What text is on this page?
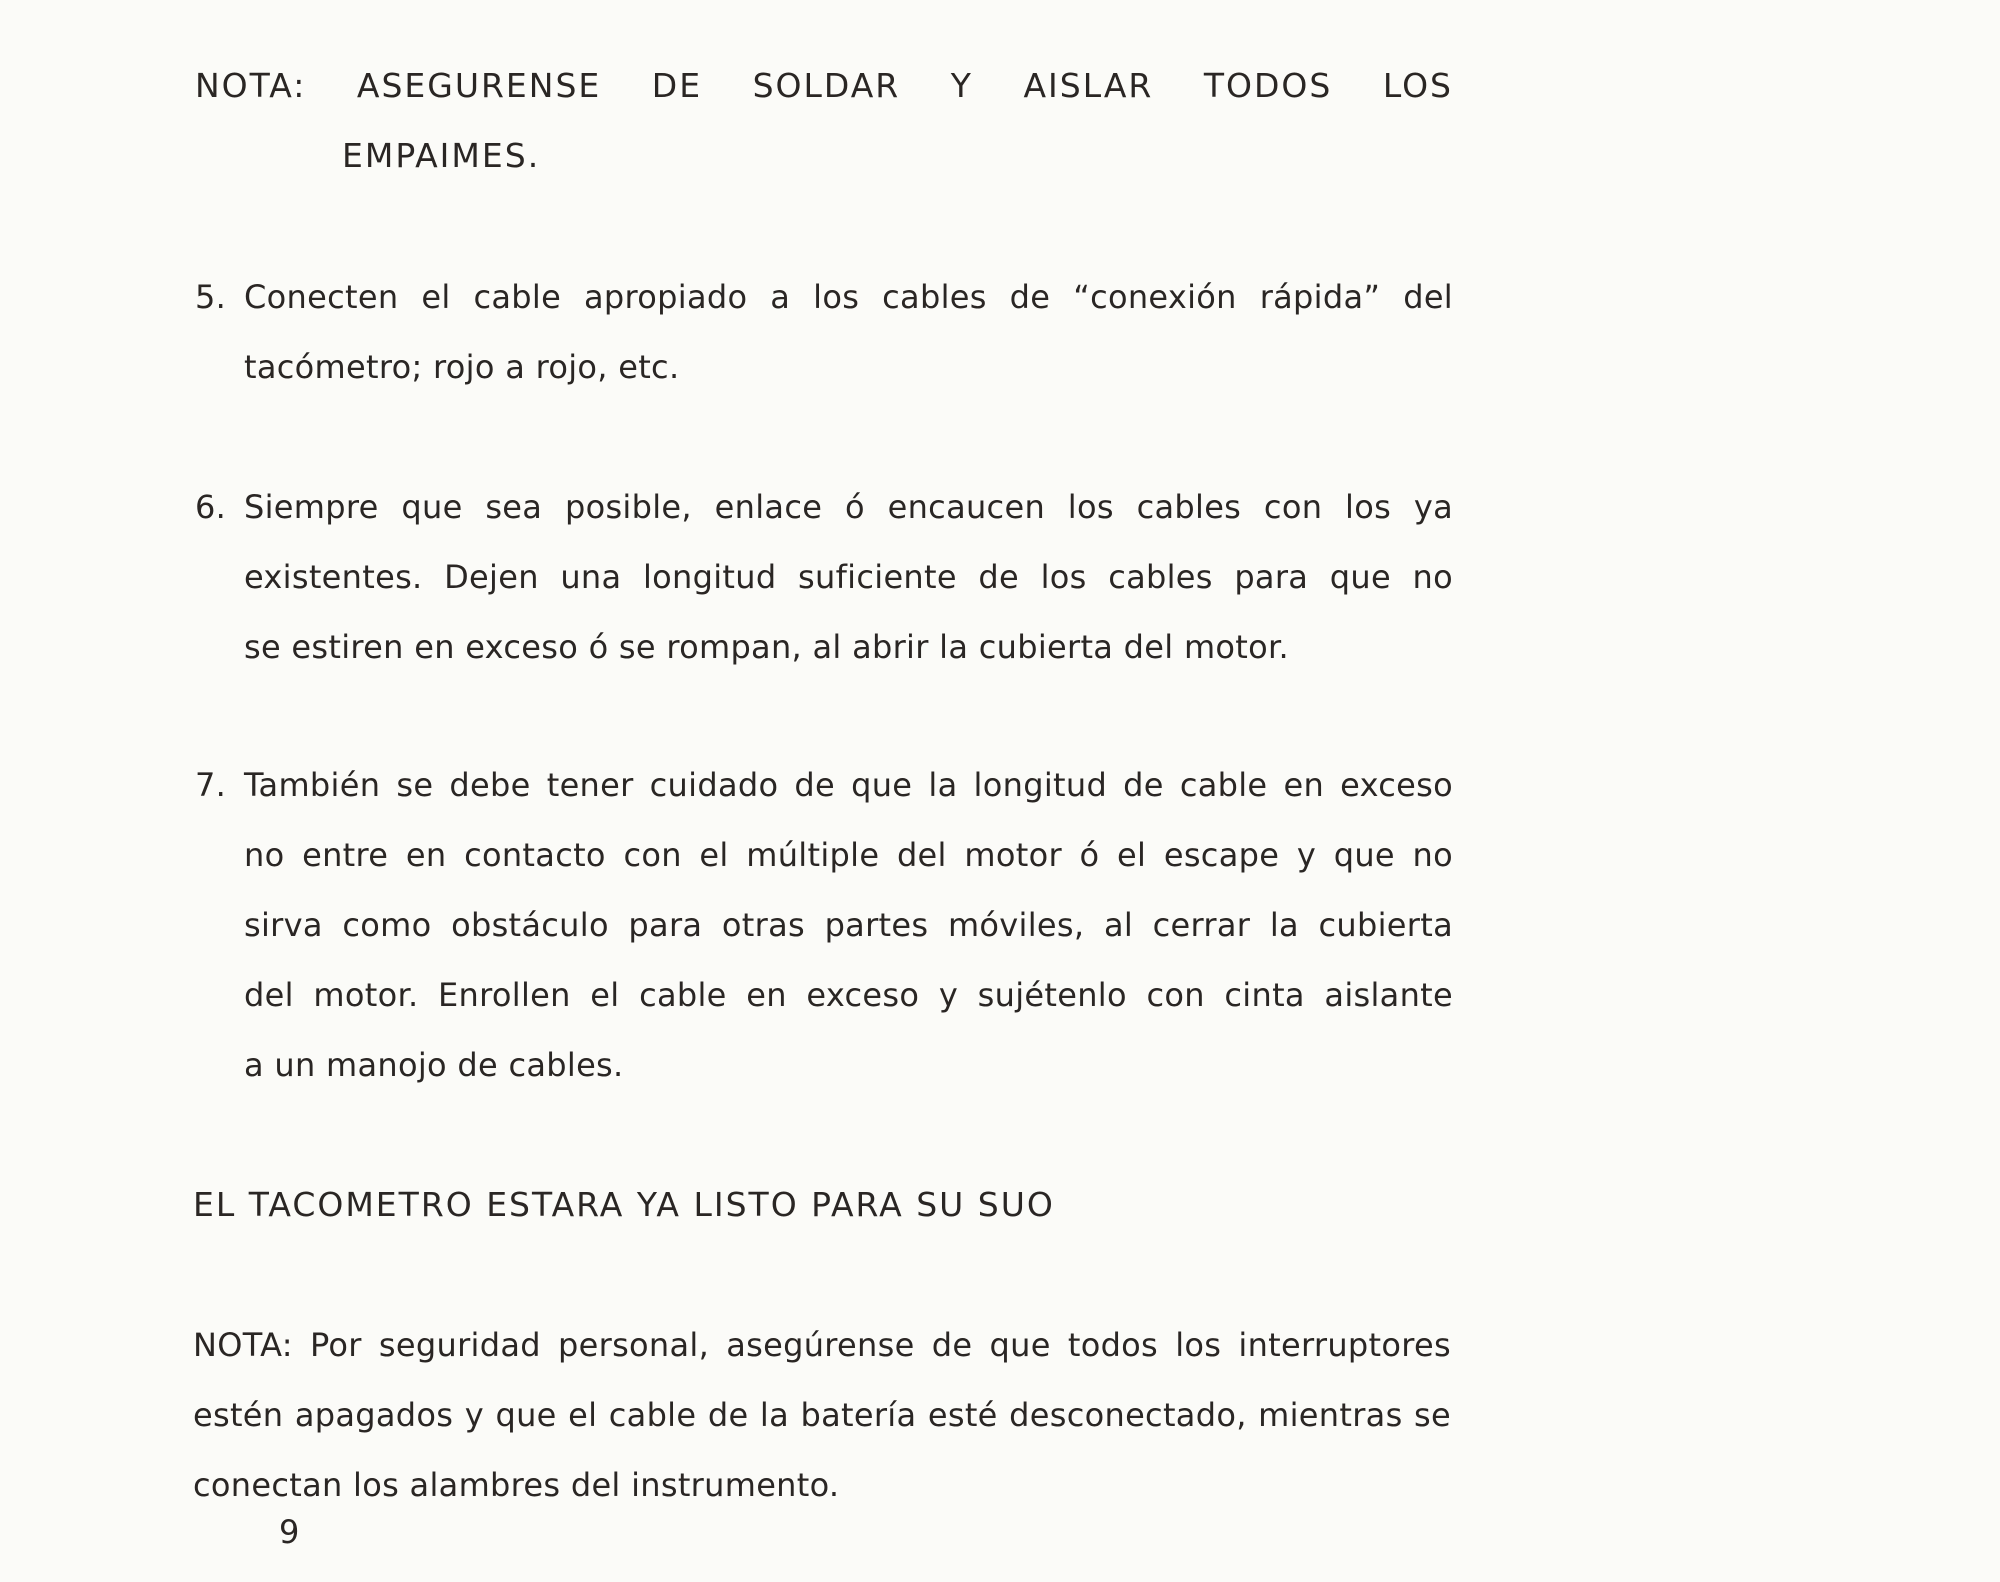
NOTA: ASEGURENSE DE SOLDAR Y AISLAR TODOS LOS
EMPAIMES.
5. Conecten el cable apropiado a los cables de “conexión rápida” del
tacómetro; rojo a rojo, etc.
6. Siempre que sea posible, enlace ó encaucen los cables con los ya
existentes. Dejen una longitud suficiente de los cables para que no
se estiren en exceso ó se rompan, al abrir la cubierta del motor.
7. También se debe tener cuidado de que la longitud de cable en exceso
no entre en contacto con el múltiple del motor ó el escape y que no
sirva como obstáculo para otras partes móviles, al cerrar la cubierta
del motor. Enrollen el cable en exceso y sujétenlo con cinta aislante
a un manojo de cables.
EL TACOMETRO ESTARA YA LISTO PARA SU SUO
NOTA: Por seguridad personal, asegúrense de que todos los interruptores
estén apagados y que el cable de la batería esté desconectado, mientras se
conectan los alambres del instrumento.
9
